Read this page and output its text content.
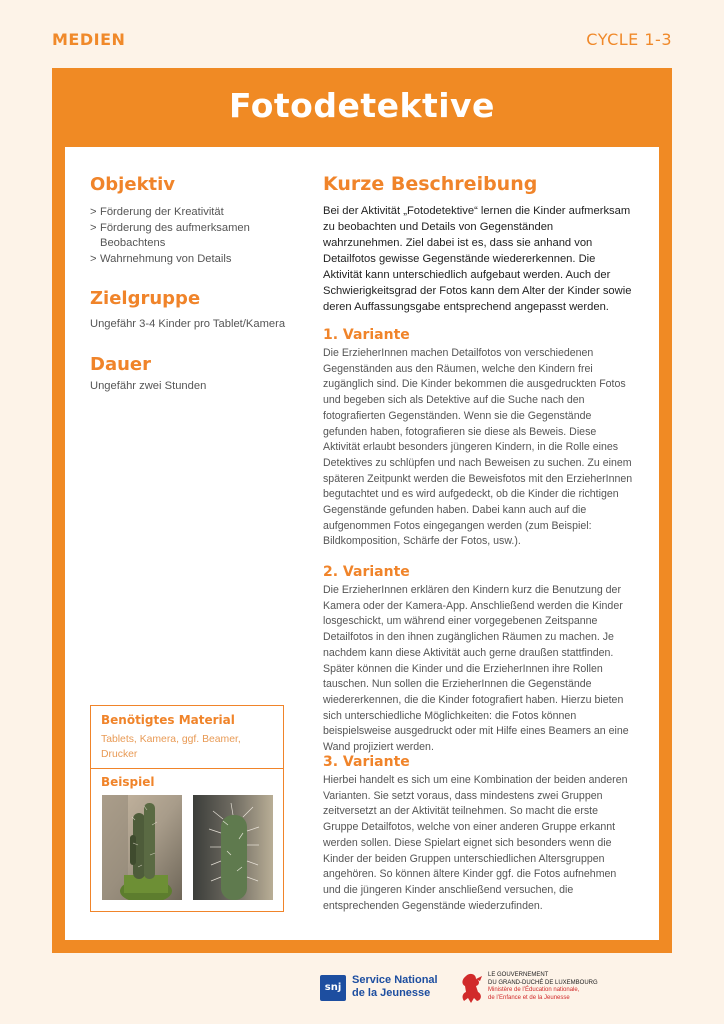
MEDIEN	CYCLE 1-3
Fotodetektive
Objektiv
> Förderung der Kreativität
> Förderung des aufmerksamen Beobachtens
> Wahrnehmung von Details
Zielgruppe

Ungefähr 3-4 Kinder pro Tablet/Kamera

Dauer

Ungefähr zwei Stunden

Benötigtes Material
Tablets, Kamera, ggf. Beamer, Drucker
Beispiel
Kurze Beschreibung

Bei der Aktivität „Fotodetektive“ lernen die Kinder aufmerksam zu beobachten und Details von Gegenständen wahrzunehmen. Ziel dabei ist es, dass sie anhand von Detailfotos gewisse Gegenstände wiedererkennen. Die Aktivität kann unterschiedlich aufgebaut werden. Auch der Schwierigkeitsgrad der Fotos kann dem Alter der Kinder sowie deren Auffassungsgabe entsprechend angepasst werden.

1. Variante

Die ErzieherInnen machen Detailfotos von verschiedenen Gegenständen aus den Räumen, welche den Kindern frei zugänglich sind. Die Kinder bekommen die ausgedruckten Fotos und begeben sich als Detektive auf die Suche nach den fotografierten Gegenständen. Wenn sie die Gegenstände gefunden haben, fotografieren sie diese als Beweis. Diese Aktivität erlaubt besonders jüngeren Kindern, in die Rolle eines Detektives zu schlüpfen und nach Beweisen zu suchen. Zu einem späteren Zeitpunkt werden die Beweisfotos mit den ErzieherInnen begutachtet und es wird aufgedeckt, ob die Kinder die richtigen Gegenstände gefunden haben. Dabei kann auch auf die aufgenommen Fotos eingegangen werden (zum Beispiel: Bildkomposition, Schärfe der Fotos, usw.).

2. Variante

Die ErzieherInnen erklären den Kindern kurz die Benutzung der Kamera oder der Kamera-App. Anschließend werden die Kinder losgeschickt, um während einer vorgegebenen Zeitspanne Detailfotos in den ihnen zugänglichen Räumen zu machen. Je nachdem kann diese Aktivität auch gerne draußen stattfinden. Später können die Kinder und die ErzieherInnen ihre Rollen tauschen. Nun sollen die ErzieherInnen die Gegenstände wiedererkennen, die die Kinder fotografiert haben. Hierzu bieten sich unterschiedliche Möglichkeiten: die Fotos können beispielsweise ausgedruckt oder mit Hilfe eines Beamers an eine Wand projiziert werden.

3. Variante

Hierbei handelt es sich um eine Kombination der beiden anderen Varianten. Sie setzt voraus, dass mindestens zwei Gruppen zeitversetzt an der Aktivität teilnehmen. So macht die erste Gruppe Detailfotos, welche von einer anderen Gruppe erkannt werden sollen. Diese Spielart eignet sich besonders wenn die Kinder der beiden Gruppen unterschiedlichen Altersgruppen angehören. So können ältere Kinder ggf. die Fotos aufnehmen und die jüngeren Kinder anschließend versuchen, die entsprechenden Gegenstände wiederzufinden.

snj
Service National
de la Jeunesse
LE GOUVERNEMENT
DU GRAND-DUCHÉ DE LUXEMBOURG
Ministère de l’Éducation nationale,
de l’Enfance et de la Jeunesse
